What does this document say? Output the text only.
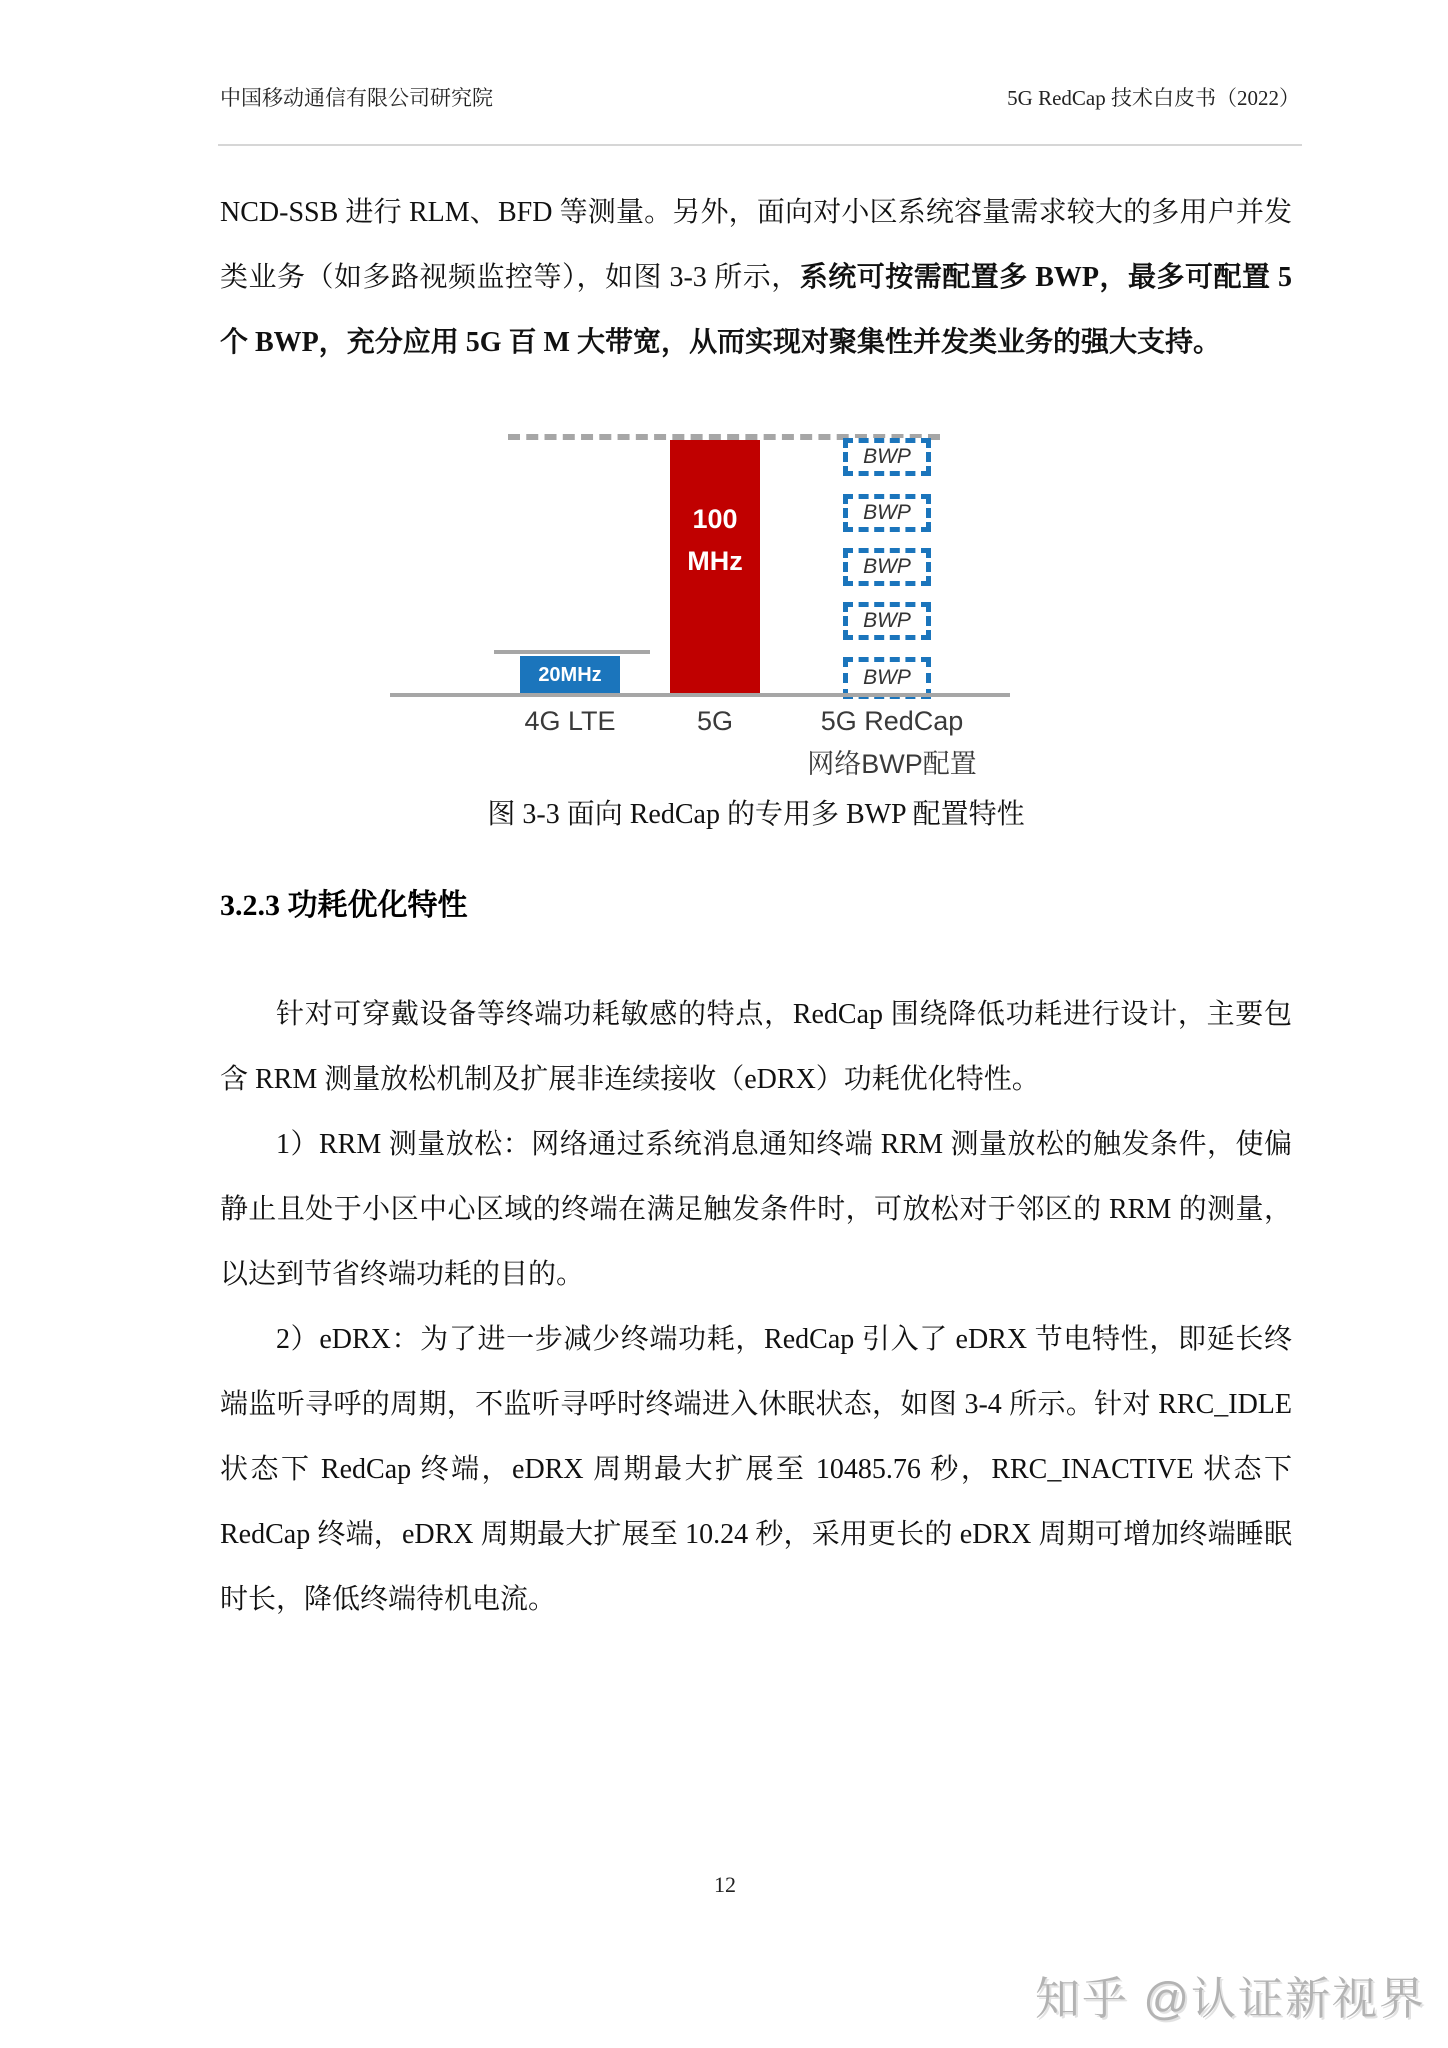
中国移动通信有限公司研究院	5G RedCap 技术白皮书（2022）
NCD-SSB 进行 RLM、BFD 等测量。另外，面向对小区系统容量需求较大的多用户并发类业务（如多路视频监控等），如图 3-3 所示，系统可按需配置多 BWP，最多可配置 5 个 BWP，充分应用 5G 百 M 大带宽，从而实现对聚集性并发类业务的强大支持。
20MHz
100
MHz
BWP
BWP
BWP
BWP
BWP
4G LTE	5G	5G RedCap
网络BWP配置
图 3-3 面向 RedCap 的专用多 BWP 配置特性
3.2.3 功耗优化特性
针对可穿戴设备等终端功耗敏感的特点，RedCap 围绕降低功耗进行设计，主要包含 RRM 测量放松机制及扩展非连续接收（eDRX）功耗优化特性。
1）RRM 测量放松：网络通过系统消息通知终端 RRM 测量放松的触发条件，使偏静止且处于小区中心区域的终端在满足触发条件时，可放松对于邻区的 RRM 的测量，以达到节省终端功耗的目的。
2）eDRX：为了进一步减少终端功耗，RedCap 引入了 eDRX 节电特性，即延长终端监听寻呼的周期，不监听寻呼时终端进入休眠状态，如图 3-4 所示。针对 RRC_IDLE 状态下 RedCap 终端，eDRX 周期最大扩展至 10485.76 秒，RRC_INACTIVE 状态下 RedCap 终端，eDRX 周期最大扩展至 10.24 秒，采用更长的 eDRX 周期可增加终端睡眠时长，降低终端待机电流。
12
知乎 @认证新视界
